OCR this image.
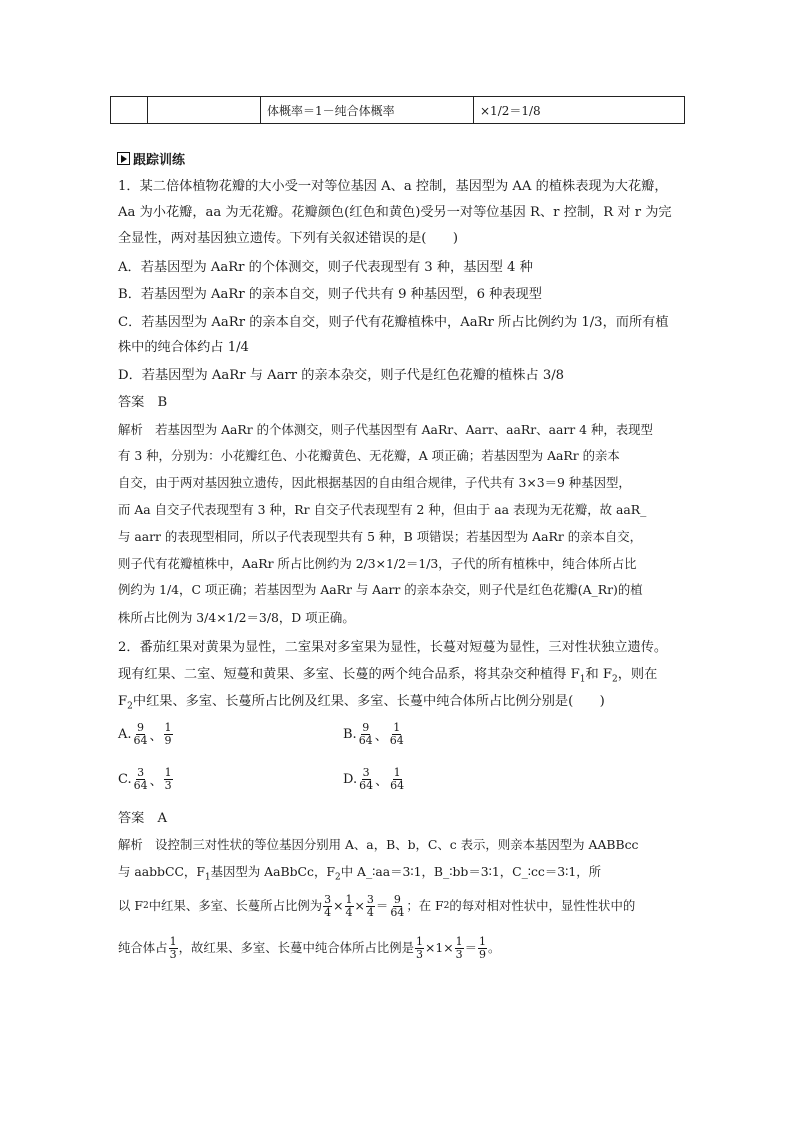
		体概率＝1－纯合体概率	×1/2＝1/8
跟踪训练
1．某二倍体植物花瓣的大小受一对等位基因 A、a 控制，基因型为 AA 的植株表现为大花瓣，
Aa 为小花瓣，aa 为无花瓣。花瓣颜色(红色和黄色)受另一对等位基因 R、r 控制，R 对 r 为完
全显性，两对基因独立遗传。下列有关叙述错误的是(　　)
A．若基因型为 AaRr 的个体测交，则子代表现型有 3 种，基因型 4 种
B．若基因型为 AaRr 的亲本自交，则子代共有 9 种基因型，6 种表现型
C．若基因型为 AaRr 的亲本自交，则子代有花瓣植株中，AaRr 所占比例约为 1/3，而所有植
株中的纯合体约占 1/4
D．若基因型为 AaRr 与 Aarr 的亲本杂交，则子代是红色花瓣的植株占 3/8
答案　B
解析　若基因型为 AaRr 的个体测交，则子代基因型有 AaRr、Aarr、aaRr、aarr 4 种，表现型
有 3 种，分别为：小花瓣红色、小花瓣黄色、无花瓣，A 项正确；若基因型为 AaRr 的亲本
自交，由于两对基因独立遗传，因此根据基因的自由组合规律，子代共有 3×3＝9 种基因型，
而 Aa 自交子代表现型有 3 种，Rr 自交子代表现型有 2 种，但由于 aa 表现为无花瓣，故 aaR_
与 aarr 的表现型相同，所以子代表现型共有 5 种，B 项错误；若基因型为 AaRr 的亲本自交，
则子代有花瓣植株中，AaRr 所占比例约为 2/3×1/2＝1/3，子代的所有植株中，纯合体所占比
例约为 1/4，C 项正确；若基因型为 AaRr 与 Aarr 的亲本杂交，则子代是红色花瓣(A_Rr)的植
株所占比例为 3/4×1/2＝3/8，D 项正确。
2．番茄红果对黄果为显性，二室果对多室果为显性，长蔓对短蔓为显性，三对性状独立遗传。
现有红果、二室、短蔓和黄果、多室、长蔓的两个纯合品系，将其杂交种植得 $F_1$和 $F_2$，则在
$F_2$中红果、多室、长蔓所占比例及红果、多室、长蔓中纯合体所占比例分别是(　　)
A. $\frac{9}{64}$ 、 $\frac{1}{9}$	B. $\frac{9}{64}$ 、 $\frac{1}{64}$
C. $\frac{3}{64}$ 、 $\frac{1}{3}$	D. $\frac{3}{64}$ 、 $\frac{1}{64}$
答案　A
解析　设控制三对性状的等位基因分别用 A、a，B、b，C、c 表示，则亲本基因型为 AABBcc
与 aabbCC，$F_1$基因型为 AaBbCc，$F_2$中 A_∶aa＝3∶1，B_∶bb＝3∶1，C_∶cc＝3∶1，所
以 F 2 中红果、多室、长蔓所占比例为 $\frac{3}{4} \times \frac{1}{4} \times \frac{3}{4} = \frac{9}{64}$ ；在 F 2 的每对相对性状中，显性性状中的
纯合体占 $\frac{1}{3}$ ，故红果、多室、长蔓中纯合体所占比例是 $\frac{1}{3} \times 1 \times \frac{1}{3} = \frac{1}{9}$ 。
